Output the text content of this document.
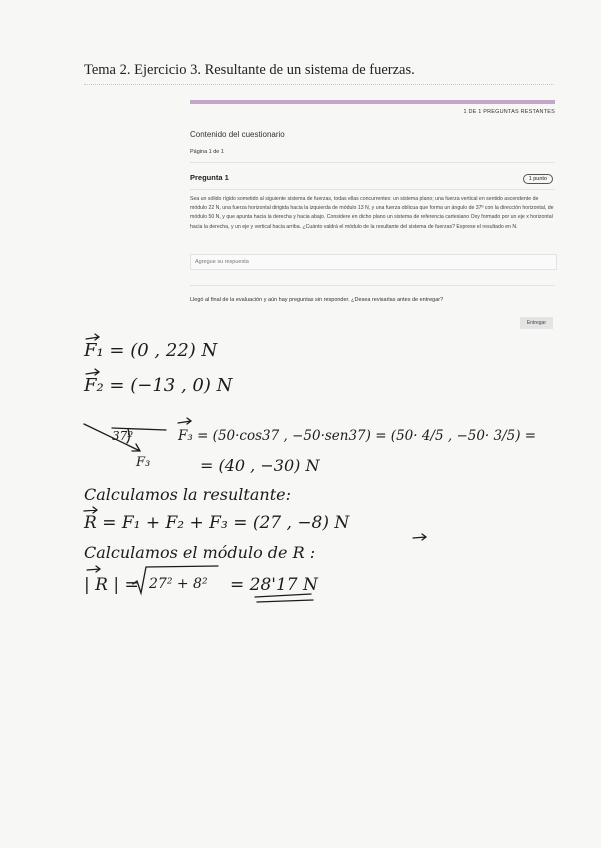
Tema 2. Ejercicio 3. Resultante de un sistema de fuerzas.
1 DE 1 PREGUNTAS RESTANTES
Contenido del cuestionario
Página 1 de 1
Pregunta 1	1 punto
Sea un sólido rígido sometido al siguiente sistema de fuerzas, todas ellas concurrentes: un sistema plano; una fuerza vertical en sentido ascendente de módulo 22 N, una fuerza horizontal dirigida hacia la izquierda de módulo 13 N, y una fuerza oblicua que forma un ángulo de 37º con la dirección horizontal, de módulo 50 N, y que apunta hacia la derecha y hacia abajo. Considere en dicho plano un sistema de referencia cartesiano Oxy formado por un eje x horizontal hacia la derecha, y un eje y vertical hacia arriba. ¿Cuánto valdrá el módulo de la resultante del sistema de fuerzas? Exprese el resultado en N.
Agregue su respuesta
Llegó al final de la evaluación y aún hay preguntas sin responder. ¿Desea revisarlas antes de entregar?
Entregar
F₁ = (0 , 22) N
F₂ = (−13 , 0) N
37º
F₃
F₃ = (50·cos37 , −50·sen37) = (50· 4/5 , −50· 3/5) =
= (40 , −30) N
Calculamos la resultante:
R = F₁ + F₂ + F₃ = (27 , −8) N
Calculamos el módulo de R :
| R | = 27² + 8² = 28'17 N
